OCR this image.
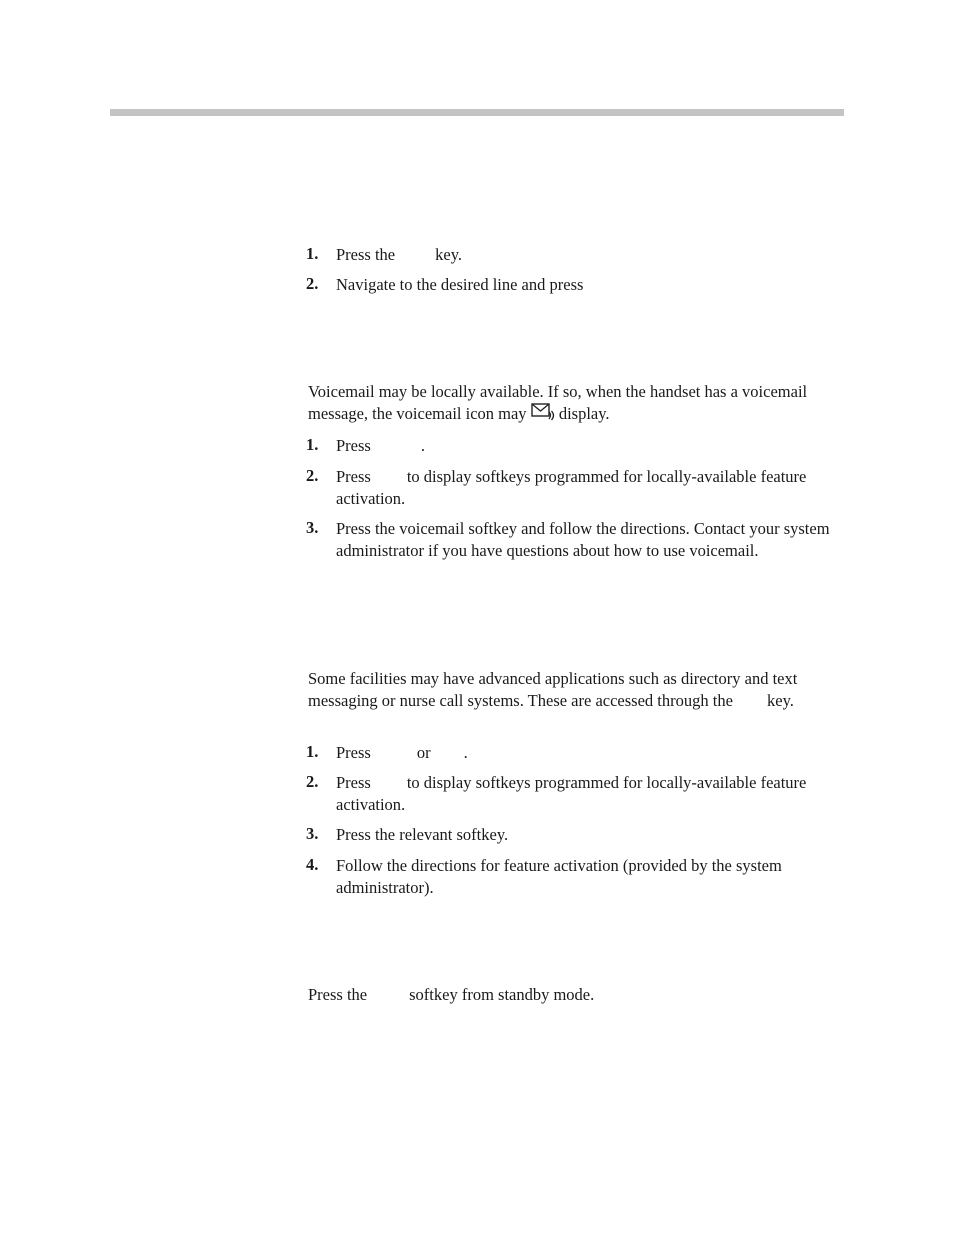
1. Press the key.
2. Navigate to the desired line and press

Voicemail may be locally available. If so, when the handset has a voicemail message, the voicemail icon may display.

1. Press	.
2. Press to display softkeys programmed for locally-available feature activation.
3. Press the voicemail softkey and follow the directions. Contact your system administrator if you have questions about how to use voicemail.

Some facilities may have advanced applications such as directory and text messaging or nurse call systems. These are accessed through the key.

1. Press	or .
2. Press to display softkeys programmed for locally-available feature activation.
3. Press the relevant softkey.
4. Follow the directions for feature activation (provided by the system administrator).

Press the	softkey from standby mode.
